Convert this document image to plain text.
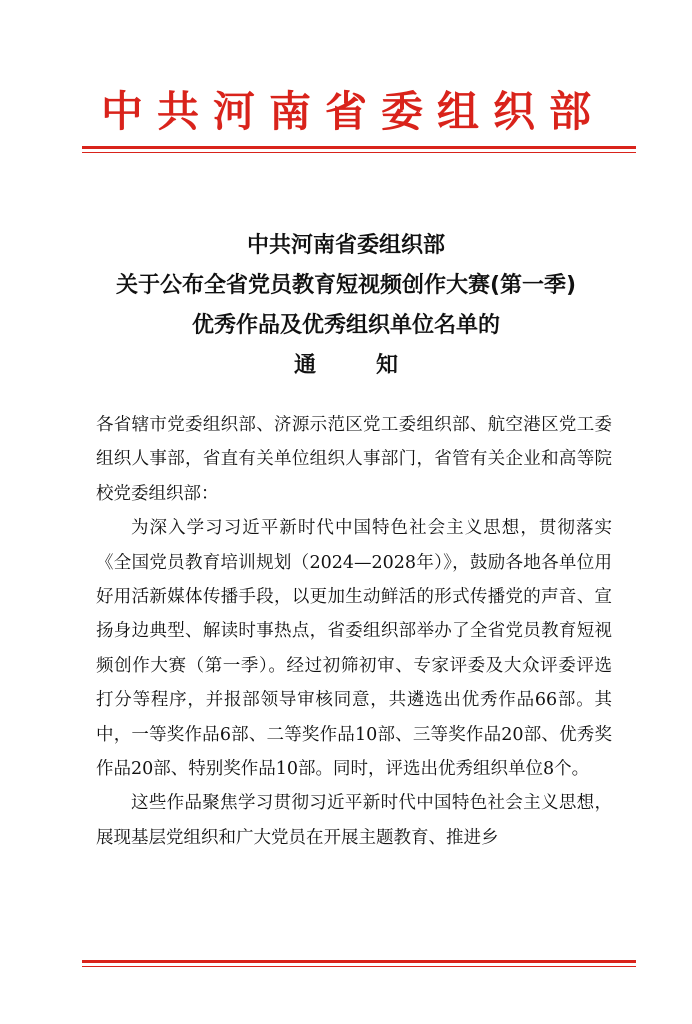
中共河南省委组织部
中共河南省委组织部
关于公布全省党员教育短视频创作大赛(第一季)
优秀作品及优秀组织单位名单的
通知

各省辖市党委组织部、济源示范区党工委组织部、航空港区党工委组织人事部，省直有关单位组织人事部门，省管有关企业和高等院校党委组织部：

为深入学习习近平新时代中国特色社会主义思想，贯彻落实《全国党员教育培训规划（2024—2028年）》，鼓励各地各单位用好用活新媒体传播手段，以更加生动鲜活的形式传播党的声音、宣扬身边典型、解读时事热点，省委组织部举办了全省党员教育短视频创作大赛（第一季）。经过初筛初审、专家评委及大众评委评选打分等程序，并报部领导审核同意，共遴选出优秀作品66部。其中，一等奖作品6部、二等奖作品10部、三等奖作品20部、优秀奖作品20部、特别奖作品10部。同时，评选出优秀组织单位8个。

这些作品聚焦学习贯彻习近平新时代中国特色社会主义思想，展现基层党组织和广大党员在开展主题教育、推进乡
